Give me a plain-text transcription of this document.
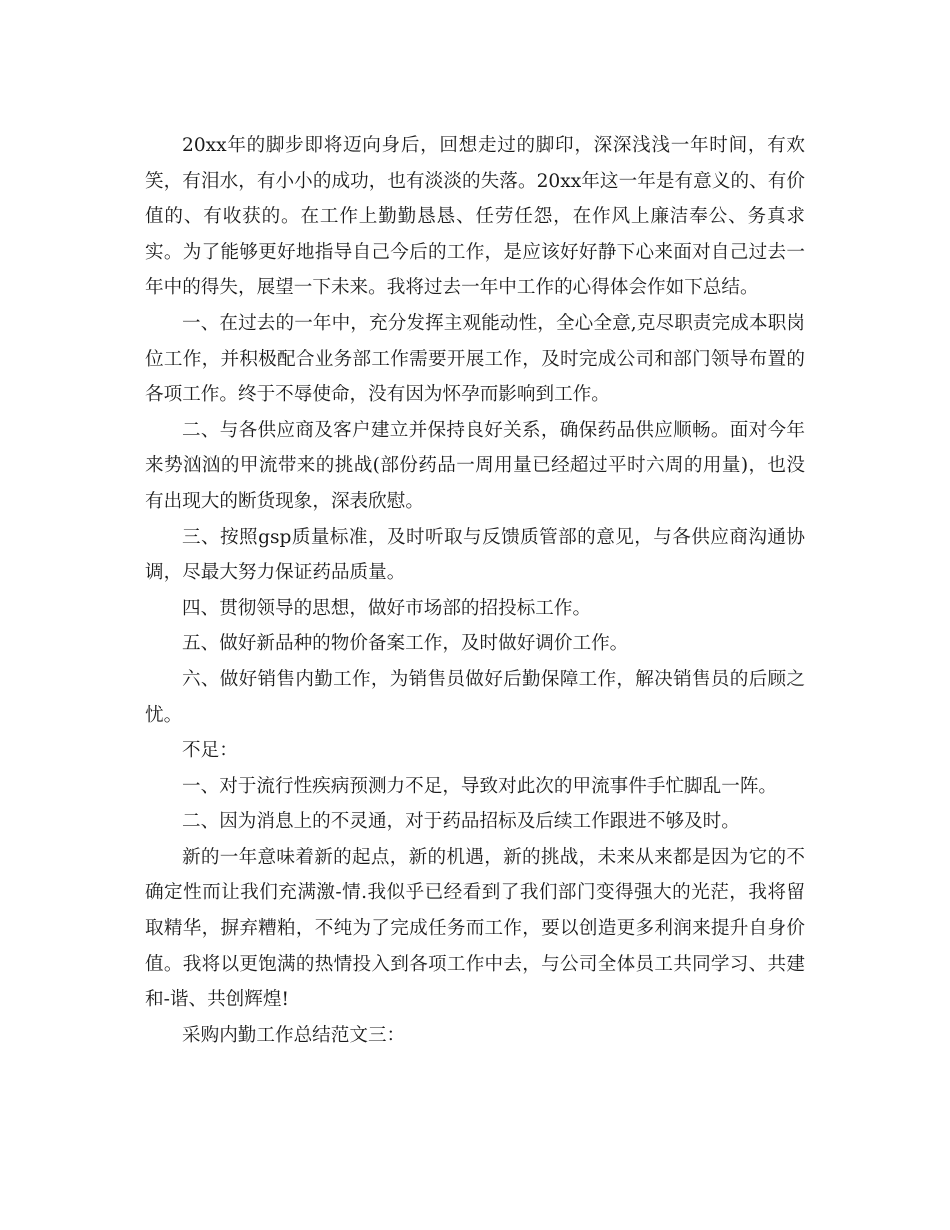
20xx年的脚步即将迈向身后，回想走过的脚印，深深浅浅一年时间，有欢笑，有泪水，有小小的成功，也有淡淡的失落。20xx年这一年是有意义的、有价值的、有收获的。在工作上勤勤恳恳、任劳任怨，在作风上廉洁奉公、务真求实。为了能够更好地指导自己今后的工作，是应该好好静下心来面对自己过去一年中的得失，展望一下未来。我将过去一年中工作的心得体会作如下总结。

一、在过去的一年中，充分发挥主观能动性，全心全意,克尽职责完成本职岗位工作，并积极配合业务部工作需要开展工作，及时完成公司和部门领导布置的各项工作。终于不辱使命，没有因为怀孕而影响到工作。

二、与各供应商及客户建立并保持良好关系，确保药品供应顺畅。面对今年来势汹汹的甲流带来的挑战(部份药品一周用量已经超过平时六周的用量)，也没有出现大的断货现象，深表欣慰。

三、按照gsp质量标准，及时听取与反馈质管部的意见，与各供应商沟通协调，尽最大努力保证药品质量。

四、贯彻领导的思想，做好市场部的招投标工作。

五、做好新品种的物价备案工作，及时做好调价工作。

六、做好销售内勤工作，为销售员做好后勤保障工作，解决销售员的后顾之忧。

不足：

一、对于流行性疾病预测力不足，导致对此次的甲流事件手忙脚乱一阵。

二、因为消息上的不灵通，对于药品招标及后续工作跟进不够及时。

新的一年意味着新的起点，新的机遇，新的挑战，未来从来都是因为它的不确定性而让我们充满激-情.我似乎已经看到了我们部门变得强大的光茫，我将留取精华，摒弃糟粕，不纯为了完成任务而工作，要以创造更多利润来提升自身价值。我将以更饱满的热情投入到各项工作中去，与公司全体员工共同学习、共建和-谐、共创辉煌!

采购内勤工作总结范文三：
